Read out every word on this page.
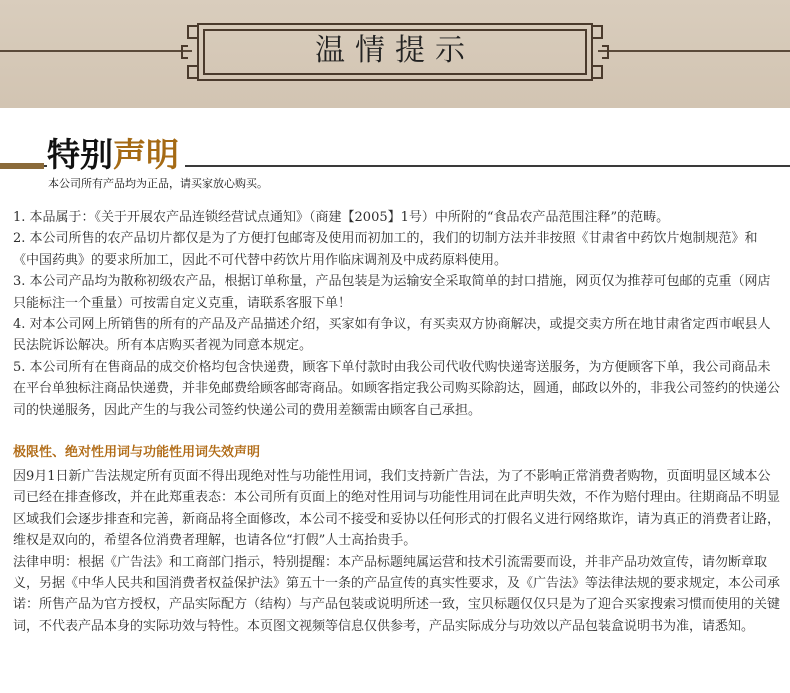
温情提示
特别声明
本公司所有产品均为正品，请买家放心购买。

1. 本品属于：《关于开展农产品连锁经营试点通知》（商建【2005】1号）中所附的“食品农产品范围注释”的范畴。

2. 本公司所售的农产品切片都仅是为了方便打包邮寄及使用而初加工的，我们的切制方法并非按照《甘肃省中药饮片炮制规范》和《中国药典》的要求所加工，因此不可代替中药饮片用作临床调剂及中成药原料使用。

3. 本公司产品均为散称初级农产品，根据订单称量，产品包装是为运输安全采取简单的封口措施，网页仅为推荐可包邮的克重（网店只能标注一个重量）可按需自定义克重，请联系客服下单！

4. 对本公司网上所销售的所有的产品及产品描述介绍，买家如有争议，有买卖双方协商解决，或提交卖方所在地甘肃省定西市岷县人民法院诉讼解决。所有本店购买者视为同意本规定。

5. 本公司所有在售商品的成交价格均包含快递费，顾客下单付款时由我公司代收代购快递寄送服务，为方便顾客下单，我公司商品未在平台单独标注商品快递费，并非免邮费给顾客邮寄商品。如顾客指定我公司购买除韵达，圆通，邮政以外的，非我公司签约的快递公司的快递服务，因此产生的与我公司签约快递公司的费用差额需由顾客自己承担。

极限性、绝对性用词与功能性用词失效声明

因9月1日新广告法规定所有页面不得出现绝对性与功能性用词，我们支持新广告法，为了不影响正常消费者购物，页面明显区域本公司已经在排查修改，并在此郑重表态：本公司所有页面上的绝对性用词与功能性用词在此声明失效，不作为赔付理由。往期商品不明显区域我们会逐步排查和完善，新商品将全面修改，本公司不接受和妥协以任何形式的打假名义进行网络欺诈，请为真正的消费者让路，维权是双向的，希望各位消费者理解，也请各位“打假”人士高抬贵手。

法律申明：根据《广告法》和工商部门指示，特别提醒：本产品标题纯属运营和技术引流需要而设，并非产品功效宣传，请勿断章取义，另据《中华人民共和国消费者权益保护法》第五十一条的产品宣传的真实性要求，及《广告法》等法律法规的要求规定，本公司承诺：所售产品为官方授权，产品实际配方（结构）与产品包装或说明所述一致，宝贝标题仅仅只是为了迎合买家搜索习惯而使用的关键词，不代表产品本身的实际功效与特性。本页图文视频等信息仅供参考，产品实际成分与功效以产品包装盒说明书为准，请悉知。
